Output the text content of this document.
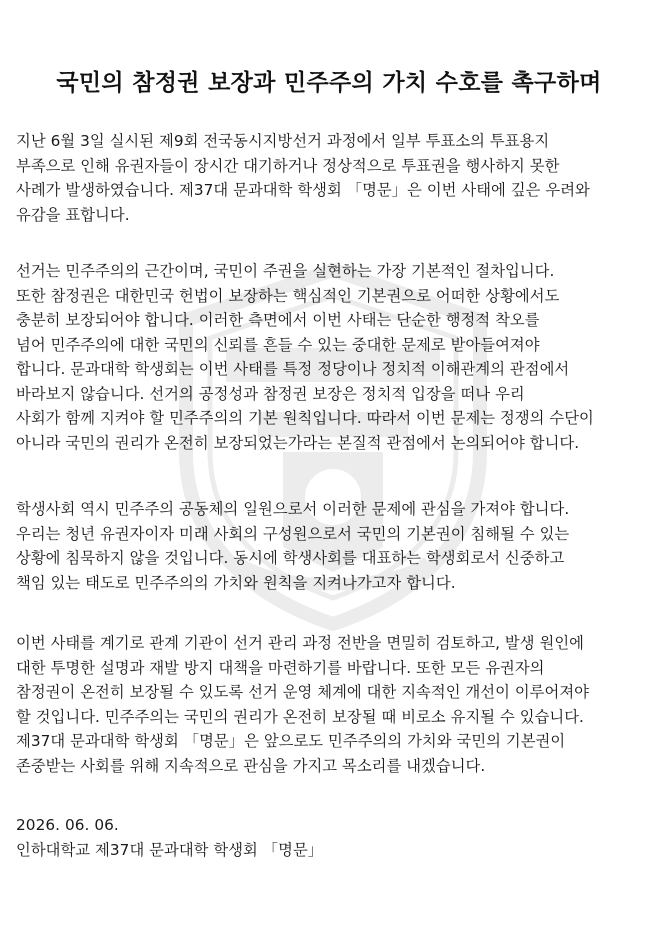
국민의 참정권 보장과 민주주의 가치 수호를 촉구하며
지난 6월 3일 실시된 제9회 전국동시지방선거 과정에서 일부 투표소의 투표용지
부족으로 인해 유권자들이 장시간 대기하거나 정상적으로 투표권을 행사하지 못한
사례가 발생하였습니다. 제37대 문과대학 학생회 「명문」은 이번 사태에 깊은 우려와
유감을 표합니다.
선거는 민주주의의 근간이며, 국민이 주권을 실현하는 가장 기본적인 절차입니다.
또한 참정권은 대한민국 헌법이 보장하는 핵심적인 기본권으로 어떠한 상황에서도
충분히 보장되어야 합니다. 이러한 측면에서 이번 사태는 단순한 행정적 착오를
넘어 민주주의에 대한 국민의 신뢰를 흔들 수 있는 중대한 문제로 받아들여져야
합니다. 문과대학 학생회는 이번 사태를 특정 정당이나 정치적 이해관계의 관점에서
바라보지 않습니다. 선거의 공정성과 참정권 보장은 정치적 입장을 떠나 우리
사회가 함께 지켜야 할 민주주의의 기본 원칙입니다. 따라서 이번 문제는 정쟁의 수단이
아니라 국민의 권리가 온전히 보장되었는가라는 본질적 관점에서 논의되어야 합니다.
학생사회 역시 민주주의 공동체의 일원으로서 이러한 문제에 관심을 가져야 합니다.
우리는 청년 유권자이자 미래 사회의 구성원으로서 국민의 기본권이 침해될 수 있는
상황에 침묵하지 않을 것입니다. 동시에 학생사회를 대표하는 학생회로서 신중하고
책임 있는 태도로 민주주의의 가치와 원칙을 지켜나가고자 합니다.
이번 사태를 계기로 관계 기관이 선거 관리 과정 전반을 면밀히 검토하고, 발생 원인에
대한 투명한 설명과 재발 방지 대책을 마련하기를 바랍니다. 또한 모든 유권자의
참정권이 온전히 보장될 수 있도록 선거 운영 체계에 대한 지속적인 개선이 이루어져야
할 것입니다. 민주주의는 국민의 권리가 온전히 보장될 때 비로소 유지될 수 있습니다.
제37대 문과대학 학생회 「명문」은 앞으로도 민주주의의 가치와 국민의 기본권이
존중받는 사회를 위해 지속적으로 관심을 가지고 목소리를 내겠습니다.
2026. 06. 06.
인하대학교 제37대 문과대학 학생회 「명문」
